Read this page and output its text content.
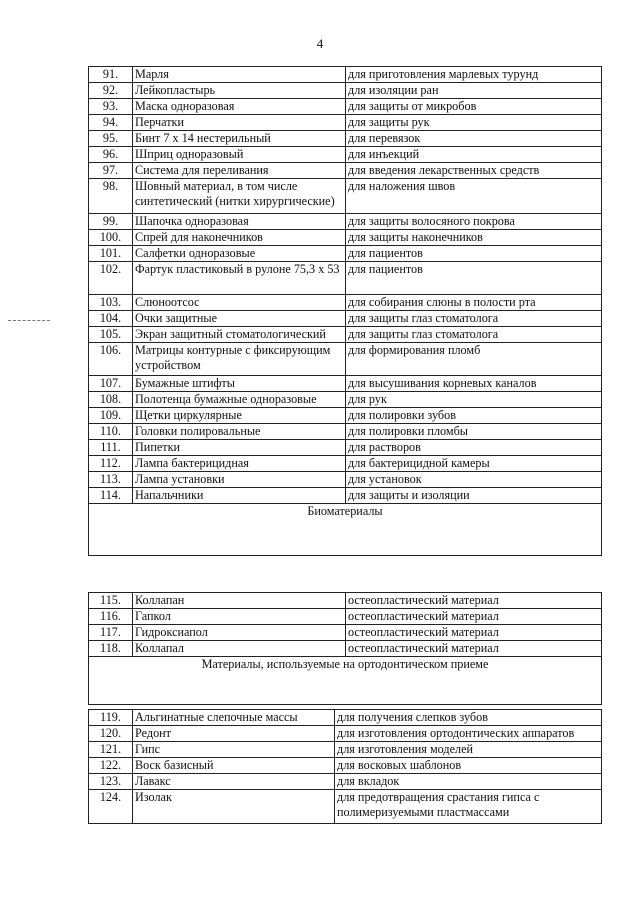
4
91.	Марля	для приготовления марлевых турунд
92.	Лейкопластырь	для изоляции ран
93.	Маска одноразовая	для защиты от микробов
94.	Перчатки	для защиты рук
95.	Бинт 7 х 14 нестерильный	для перевязок
96.	Шприц одноразовый	для инъекций
97.	Система для переливания	для введения лекарственных средств
98.	Шовный материал, в том числе синтетический (нитки хирургические)	для наложения швов
99.	Шапочка одноразовая	для защиты волосяного покрова
100.	Спрей для наконечников	для защиты наконечников
101.	Салфетки одноразовые	для пациентов
102.	Фартук пластиковый в рулоне 75,3 х 53	для пациентов
103.	Слюноотсос	для собирания слюны в полости рта
104.	Очки защитные	для защиты глаз стоматолога
105.	Экран защитный стоматологический	для защиты глаз стоматолога
106.	Матрицы контурные с фиксирующим устройством	для формирования пломб
107.	Бумажные штифты	для высушивания корневых каналов
108.	Полотенца бумажные одноразовые	для рук
109.	Щетки циркулярные	для полировки зубов
110.	Головки полировальные	для полировки пломбы
111.	Пипетки	для растворов
112.	Лампа бактерицидная	для бактерицидной камеры
113.	Лампа установки	для установок
114.	Напальчники	для защиты и изоляции
Биоматериалы		
115.	Коллапан	остеопластический материал
116.	Гапкол	остеопластический материал
117.	Гидроксиапол	остеопластический материал
118.	Коллапал	остеопластический материал
Материалы, используемые на ортодонтическом приеме		
119.	Альгинатные слепочные массы	для получения слепков зубов
120.	Редонт	для изготовления ортодонтических аппаратов
121.	Гипс	для изготовления моделей
122.	Воск базисный	для восковых шаблонов
123.	Лавакс	для вкладок
124.	Изолак	для предотвращения срастания гипса с полимеризуемыми пластмассами
